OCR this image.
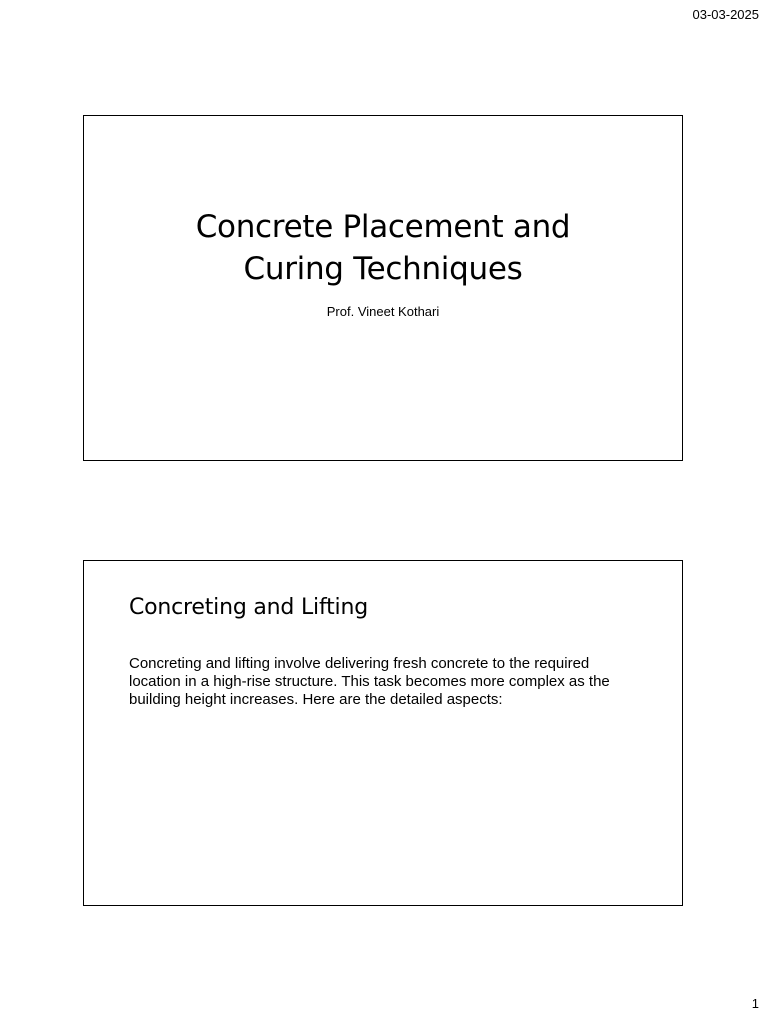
03-03-2025
Concrete Placement and
Curing Techniques
Prof. Vineet Kothari
Concreting and Lifting

Concreting and lifting involve delivering fresh concrete to the required location in a high-rise structure. This task becomes more complex as the building height increases. Here are the detailed aspects:

1
